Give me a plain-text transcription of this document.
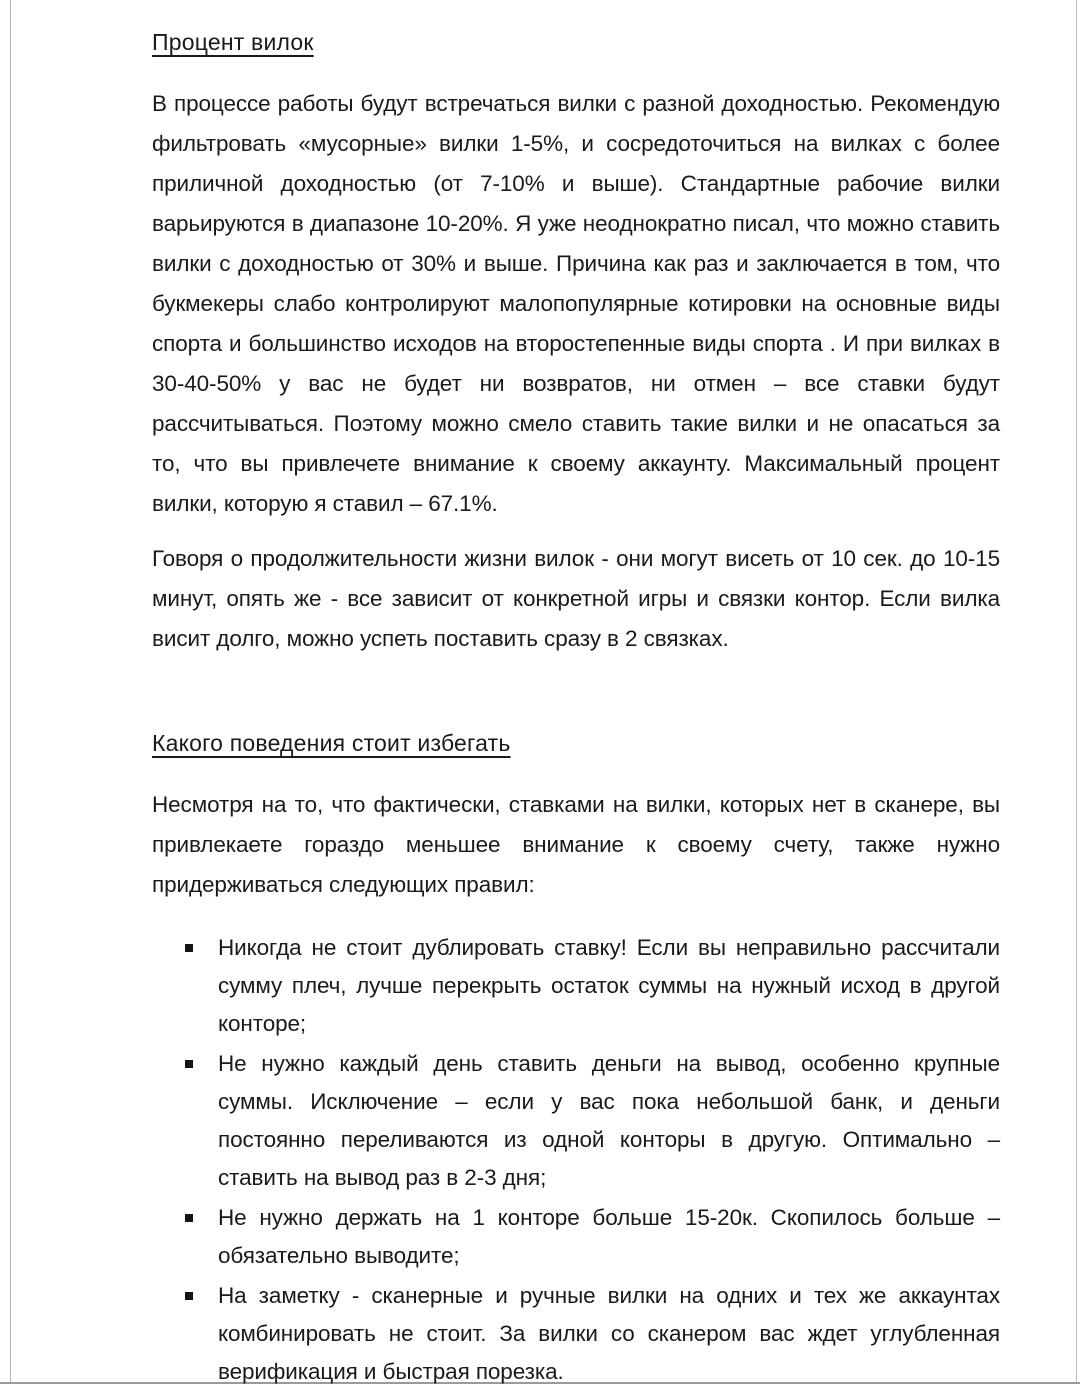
Процент вилок

В процессе работы будут встречаться вилки с разной доходностью. Рекомендую фильтровать «мусорные» вилки 1-5%, и сосредоточиться на вилках с более приличной доходностью (от 7-10% и выше). Стандартные рабочие вилки варьируются в диапазоне 10-20%. Я уже неоднократно писал, что можно ставить вилки с доходностью от 30% и выше. Причина как раз и заключается в том, что букмекеры слабо контролируют малопопулярные котировки на основные виды спорта и большинство исходов на второстепенные виды спорта . И при вилках в 30-40-50% у вас не будет ни возвратов, ни отмен – все ставки будут рассчитываться. Поэтому можно смело ставить такие вилки и не опасаться за то, что вы привлечете внимание к своему аккаунту. Максимальный процент вилки, которую я ставил – 67.1%.

Говоря о продолжительности жизни вилок - они могут висеть от 10 сек. до 10-15 минут, опять же - все зависит от конкретной игры и связки контор. Если вилка висит долго, можно успеть поставить сразу в 2 связках.

Какого поведения стоит избегать

Несмотря на то, что фактически, ставками на вилки, которых нет в сканере, вы привлекаете гораздо меньшее внимание к своему счету, также нужно придерживаться следующих правил:

Никогда не стоит дублировать ставку! Если вы неправильно рассчитали сумму плеч, лучше перекрыть остаток суммы на нужный исход в другой конторе;
Не нужно каждый день ставить деньги на вывод, особенно крупные суммы. Исключение – если у вас пока небольшой банк, и деньги постоянно переливаются из одной конторы в другую. Оптимально – ставить на вывод раз в 2-3 дня;
Не нужно держать на 1 конторе больше 15-20к. Скопилось больше – обязательно выводите;
На заметку - сканерные и ручные вилки на одних и тех же аккаунтах комбинировать не стоит. За вилки со сканером вас ждет углубленная верификация и быстрая порезка.
